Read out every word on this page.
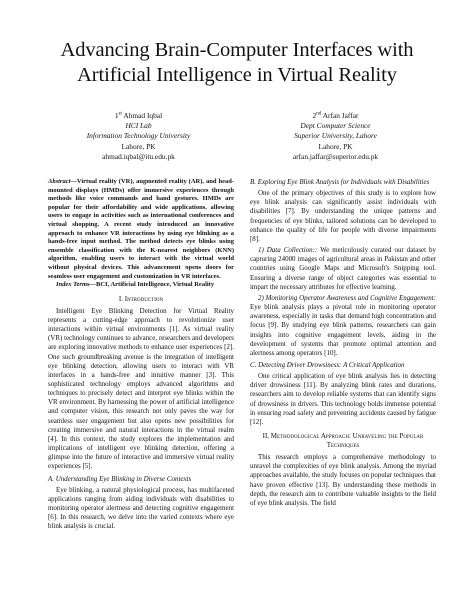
Advancing Brain-Computer Interfaces with
Artificial Intelligence in Virtual Reality
1st Ahmad Iqbal
HCI Lab
Information Technology University
Lahore, PK
ahmad.iqbal@itu.edu.pk
2nd Arfan Jaffar
Dept Computer Science
Superior University, Lahore
Lahore, PK
arfan.jaffar@superior.edu.pk

Abstract—Virtual reality (VR), augmented reality (AR), and head-mounted displays (HMDs) offer immersive experiences through methods like voice commands and hand gestures. HMDs are popular for their affordability and wide applications, allowing users to engage in activities such as international conferences and virtual shopping. A recent study introduced an innovative approach to enhance VR interactions by using eye blinking as a hands-free input method. The method detects eye blinks using ensemble classification with the K-nearest neighbors (KNN) algorithm, enabling users to interact with the virtual world without physical devices. This advancement opens doors for seamless user engagement and customization in VR interfaces.

Index Terms—BCI, Artificial Intelligence, Virtual Reality

I. Introduction

Intelligent Eye Blinking Detection for Virtual Reality represents a cutting-edge approach to revolutionize user interactions within virtual environments [1]. As virtual reality (VR) technology continues to advance, researchers and developers are exploring innovative methods to enhance user experiences [2]. One such groundbreaking avenue is the integration of intelligent eye blinking detection, allowing users to interact with VR interfaces in a hands-free and intuitive manner [3]. This sophisticated technology employs advanced algorithms and techniques to precisely detect and interpret eye blinks within the VR environment. By harnessing the power of artificial intelligence and computer vision, this research not only paves the way for seamless user engagement but also opens new possibilities for creating immersive and natural interactions in the virtual realm [4]. In this context, the study explores the implementation and implications of intelligent eye blinking detection, offering a glimpse into the future of interactive and immersive virtual reality experiences [5].

A. Understanding Eye Blinking in Diverse Contexts

Eye blinking, a natural physiological process, has multifaceted applications ranging from aiding individuals with disabilities to monitoring operator alertness and detecting cognitive engagement [6]. In this research, we delve into the varied contexts where eye blink analysis is crucial.

B. Exploring Eye Blink Analysis for Individuals with Disabilities

One of the primary objectives of this study is to explore how eye blink analysis can significantly assist individuals with disabilities [7]. By understanding the unique patterns and frequencies of eye blinks, tailored solutions can be developed to enhance the quality of life for people with diverse impairments [8].

1) Data Collection:: We meticulously curated our dataset by capturing 24000 images of agricultural areas in Pakistan and other countries using Google Maps and Microsoft's Snipping tool. Ensuring a diverse range of object categories was essential to impart the necessary attributes for effective learning.

2) Monitoring Operator Awareness and Cognitive Engagement: Eye blink analysis plays a pivotal role in monitoring operator awareness, especially in tasks that demand high concentration and focus [9]. By studying eye blink patterns, researchers can gain insights into cognitive engagement levels, aiding in the development of systems that promote optimal attention and alertness among operators [10].

C. Detecting Driver Drowsiness: A Critical Application

One critical application of eye blink analysis lies in detecting driver drowsiness [11]. By analyzing blink rates and durations, researchers aim to develop reliable systems that can identify signs of drowsiness in drivers. This technology holds immense potential in ensuring road safety and preventing accidents caused by fatigue [12].

II. Methodological Approach: Unraveling the Popular Techniques

This research employs a comprehensive methodology to unravel the complexities of eye blink analysis. Among the myriad approaches available, the study focuses on popular techniques that have proven effective [13]. By understanding these methods in depth, the research aim to contribute valuable insights to the field of eye blink analysis. The field
